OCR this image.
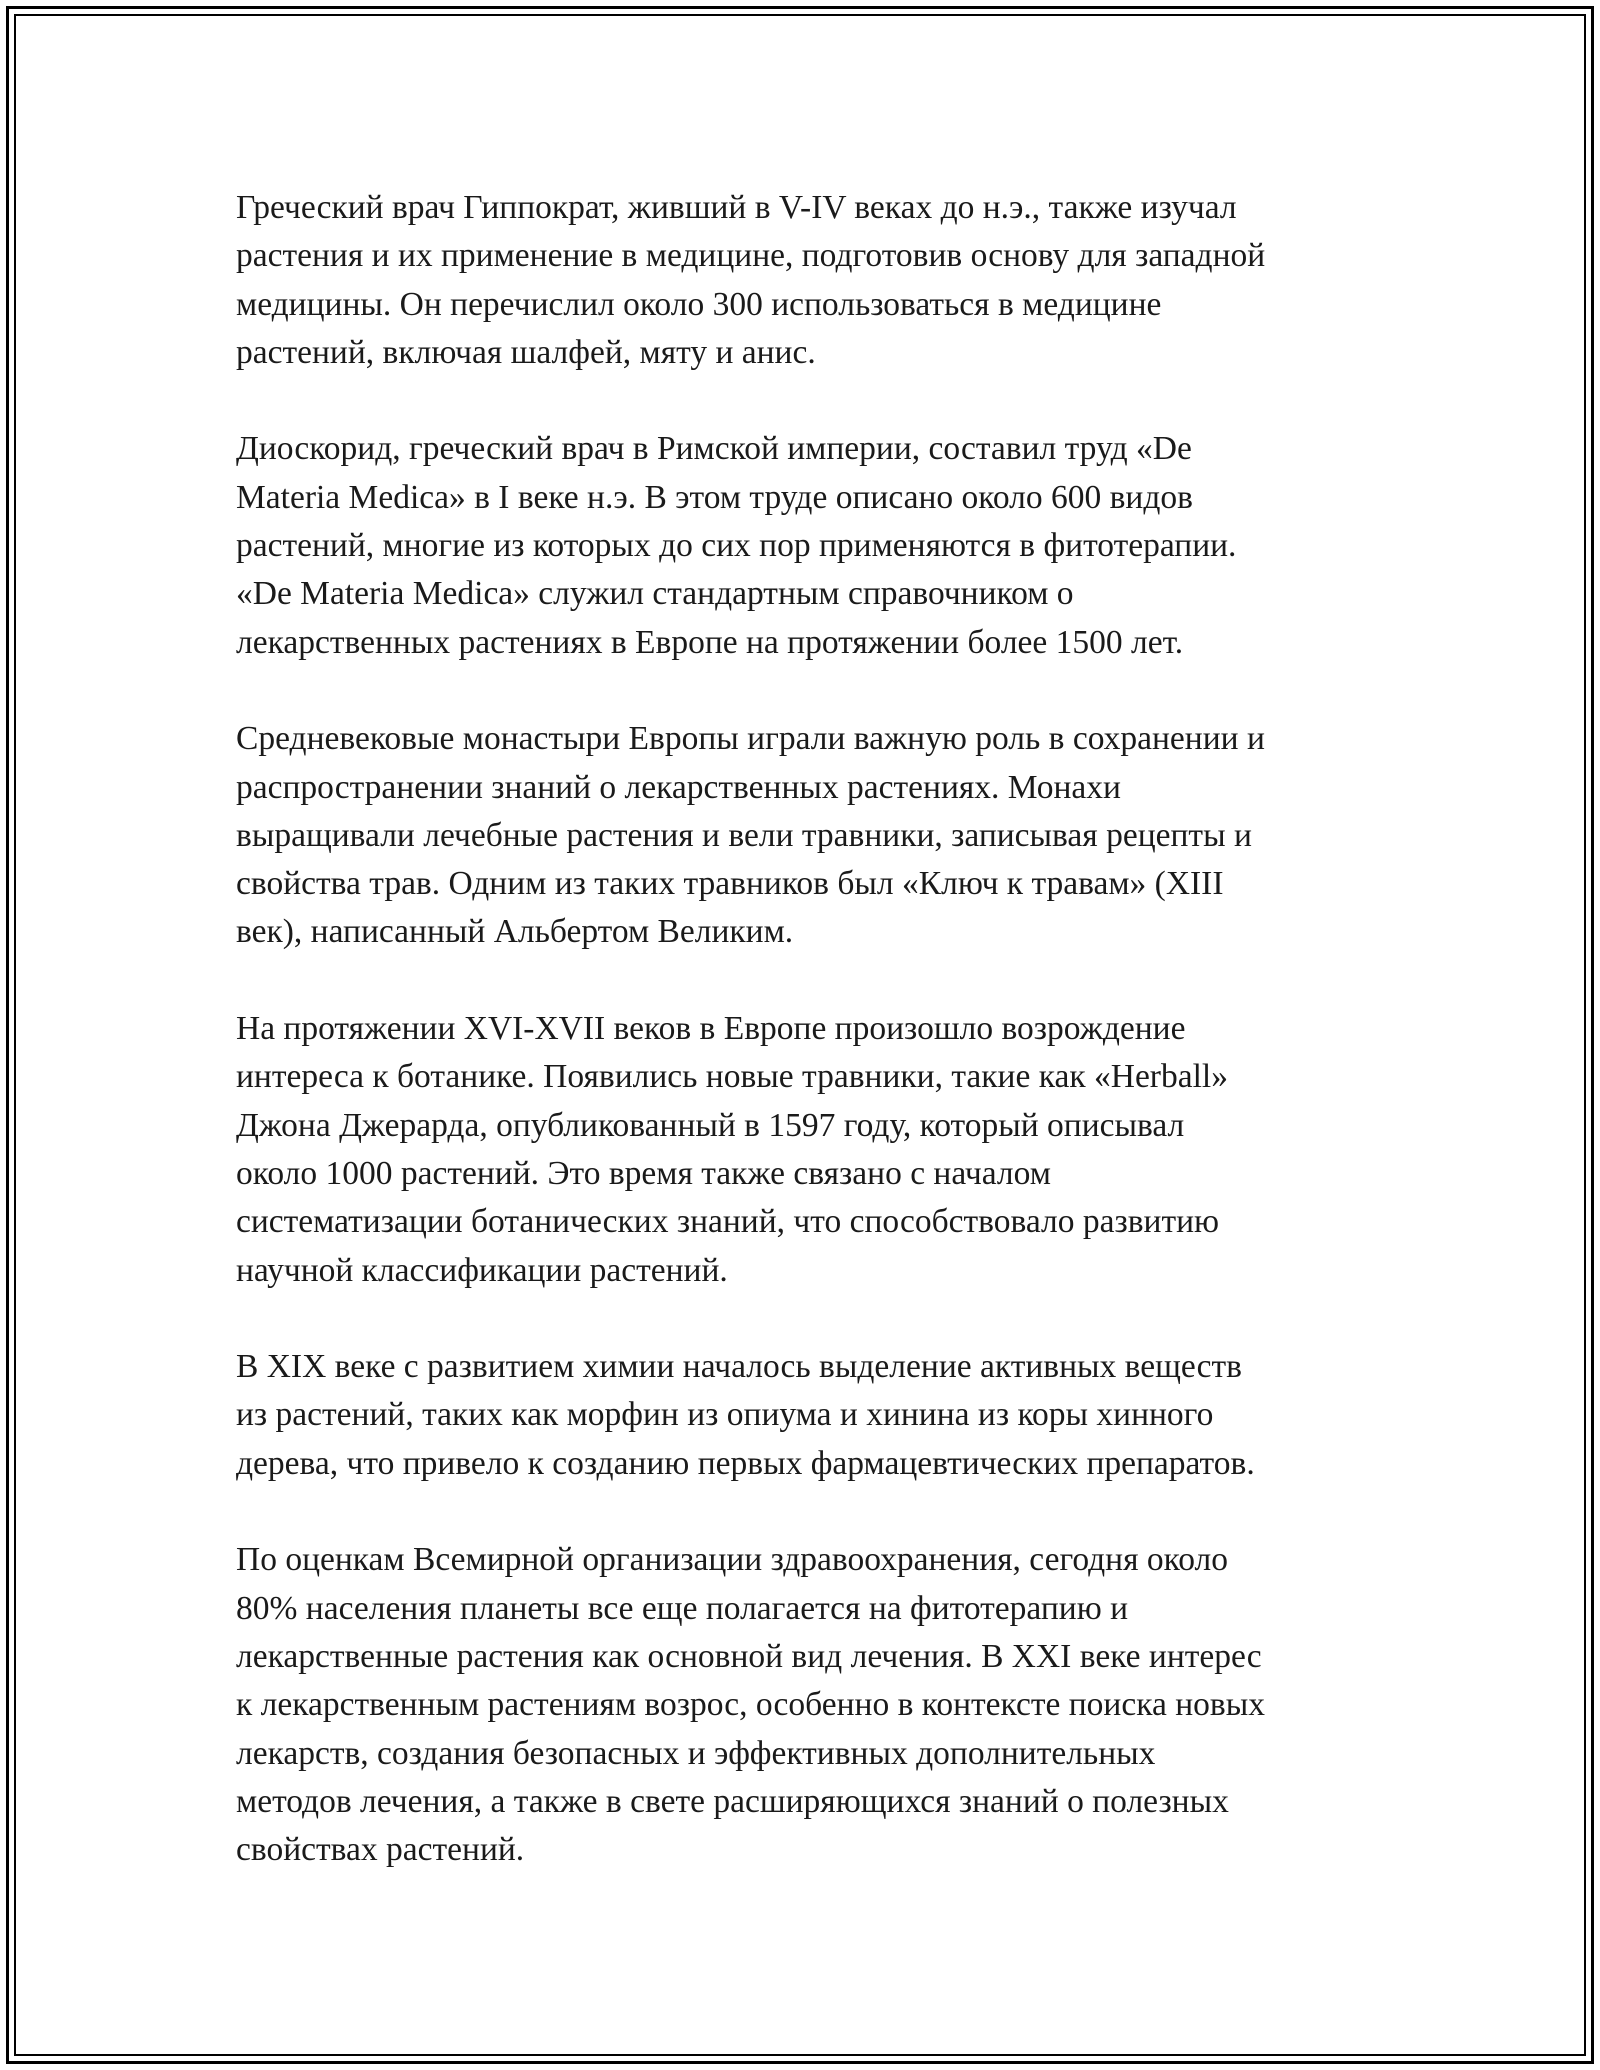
Греческий врач Гиппократ, живший в V-IV веках до н.э., также изучал
растения и их применение в медицине, подготовив основу для западной
медицины. Он перечислил около 300 использоваться в медицине
растений, включая шалфей, мяту и анис.

Диоскорид, греческий врач в Римской империи, составил труд «De
Materia Medica» в I веке н.э. В этом труде описано около 600 видов
растений, многие из которых до сих пор применяются в фитотерапии.
«De Materia Medica» служил стандартным справочником о
лекарственных растениях в Европе на протяжении более 1500 лет.

Средневековые монастыри Европы играли важную роль в сохранении и
распространении знаний о лекарственных растениях. Монахи
выращивали лечебные растения и вели травники, записывая рецепты и
свойства трав. Одним из таких травников был «Ключ к травам» (XIII
век), написанный Альбертом Великим.

На протяжении XVI-XVII веков в Европе произошло возрождение
интереса к ботанике. Появились новые травники, такие как «Herball»
Джона Джерарда, опубликованный в 1597 году, который описывал
около 1000 растений. Это время также связано с началом
систематизации ботанических знаний, что способствовало развитию
научной классификации растений.

В XIX веке с развитием химии началось выделение активных веществ
из растений, таких как морфин из опиума и хинина из коры хинного
дерева, что привело к созданию первых фармацевтических препаратов.

По оценкам Всемирной организации здравоохранения, сегодня около
80% населения планеты все еще полагается на фитотерапию и
лекарственные растения как основной вид лечения. В XXI веке интерес
к лекарственным растениям возрос, особенно в контексте поиска новых
лекарств, создания безопасных и эффективных дополнительных
методов лечения, а также в свете расширяющихся знаний о полезных
свойствах растений.
